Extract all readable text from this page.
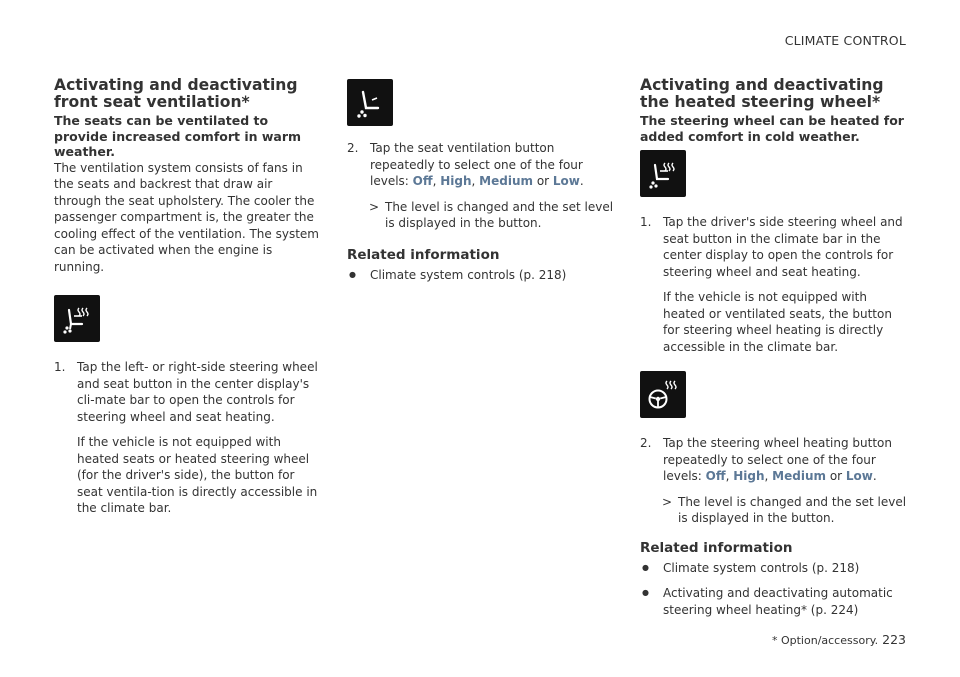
CLIMATE CONTROL
Activating and deactivating front seat ventilation*

The seats can be ventilated to provide increased comfort in warm weather.

The ventilation system consists of fans in the seats and backrest that draw air through the seat upholstery. The cooler the passenger compartment is, the greater the cooling effect of the ventilation. The system can be activated when the engine is running.

1. Tap the left- or right-side steering wheel and seat button in the center display's cli-mate bar to open the controls for steering wheel and seat heating.

If the vehicle is not equipped with heated seats or heated steering wheel (for the driver's side), the button for seat ventila-tion is directly accessible in the climate bar.

2. Tap the seat ventilation button repeatedly to select one of the four levels: Off, High, Medium or Low.

> The level is changed and the set level is displayed in the button.
Related information
● Climate system controls (p. 218)
Activating and deactivating the heated steering wheel*

The steering wheel can be heated for added comfort in cold weather.

1. Tap the driver's side steering wheel and seat button in the climate bar in the center display to open the controls for steering wheel and seat heating.

If the vehicle is not equipped with heated or ventilated seats, the button for steering wheel heating is directly accessible in the climate bar.

2. Tap the steering wheel heating button repeatedly to select one of the four levels: Off, High, Medium or Low.

> The level is changed and the set level is displayed in the button.
Related information
● Climate system controls (p. 218)
● Activating and deactivating automatic steering wheel heating* (p. 224)
* Option/accessory. 223
